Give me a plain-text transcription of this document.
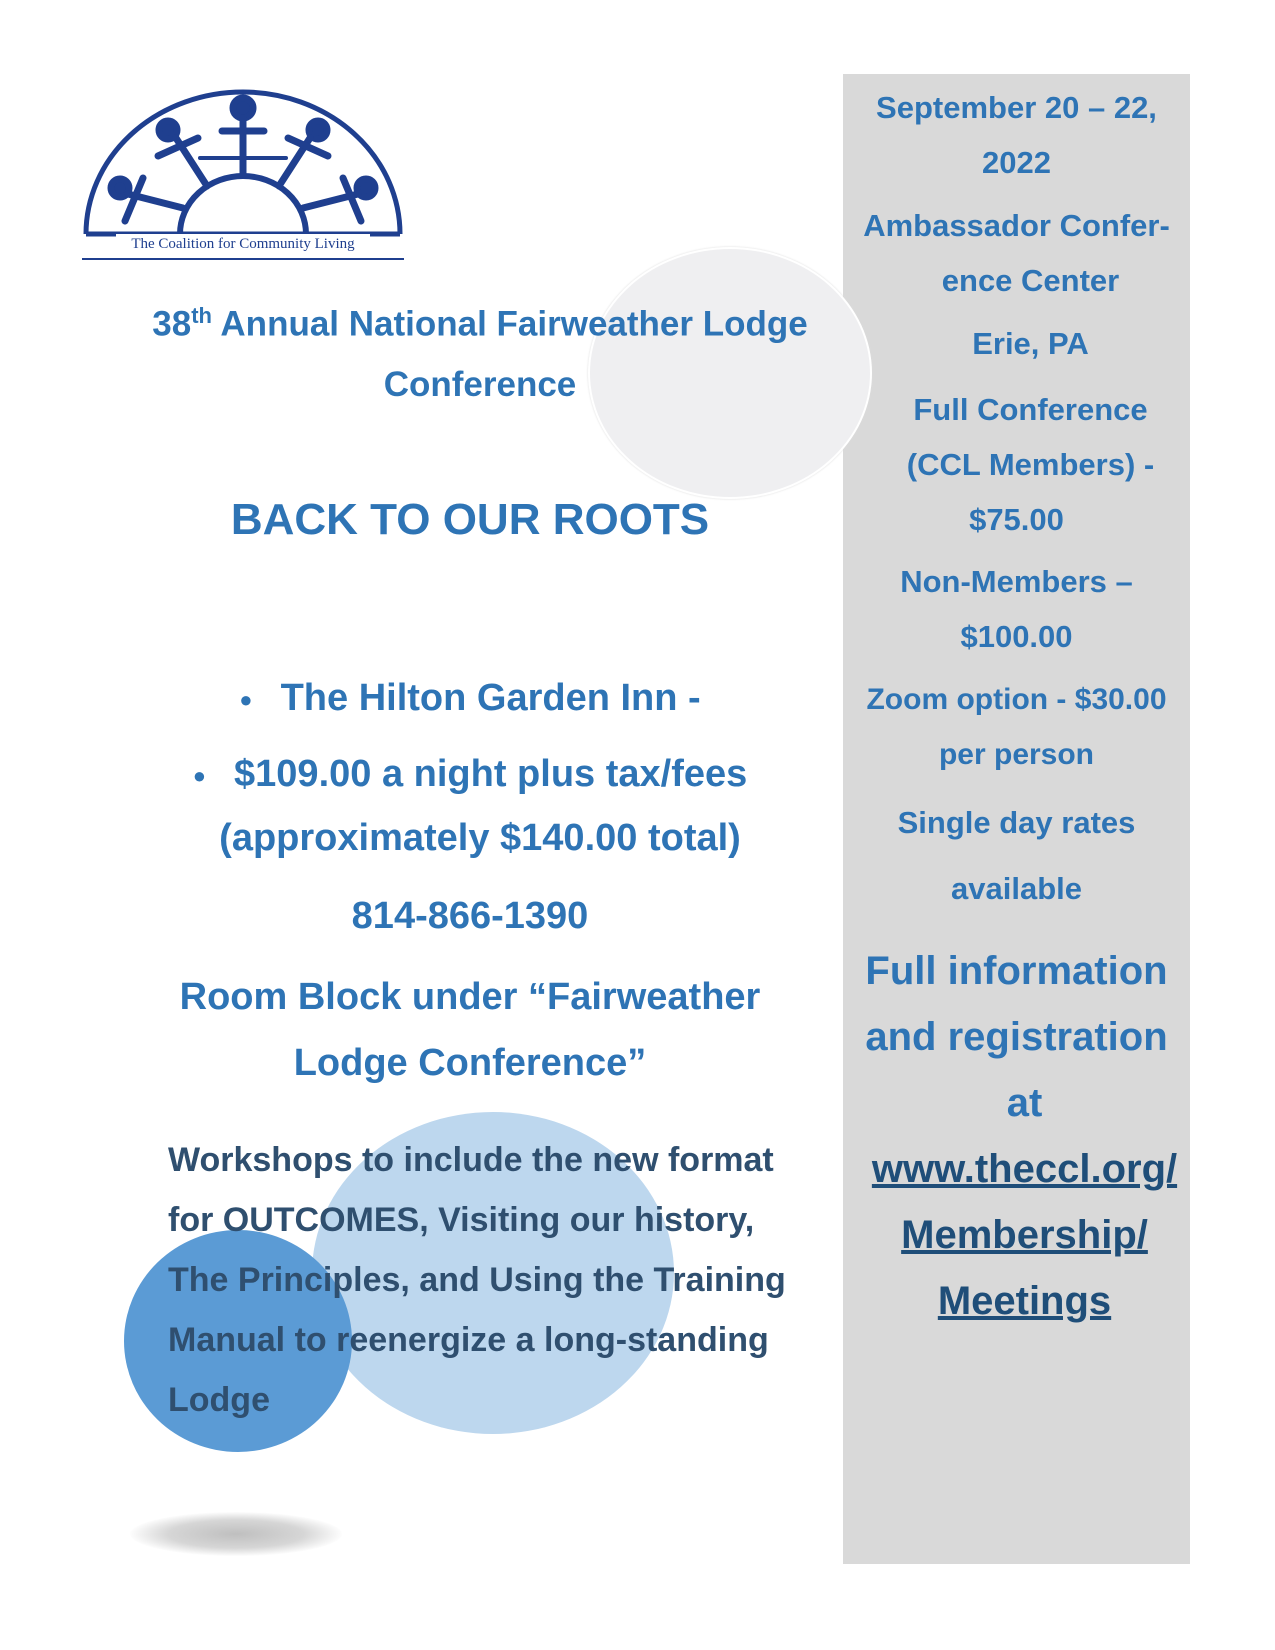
The Coalition for Community Living
38th Annual National Fairweather Lodge
Conference
BACK TO OUR ROOTS
● The Hilton Garden Inn -
● $109.00 a night plus tax/fees
(approximately $140.00 total)
814-866-1390
Room Block under “Fairweather
Lodge Conference”
Workshops to include the new format
for OUTCOMES, Visiting our history,
The Principles, and Using the Training
Manual to reenergize a long-standing
Lodge
September 20 – 22,
2022
Ambassador Confer-
ence Center
Erie, PA
Full Conference
(CCL Members) -
$75.00
Non-Members –
$100.00
Zoom option - $30.00
per person
Single day rates
available
Full information
and registration
at
www.theccl.org/
Membership/
Meetings
